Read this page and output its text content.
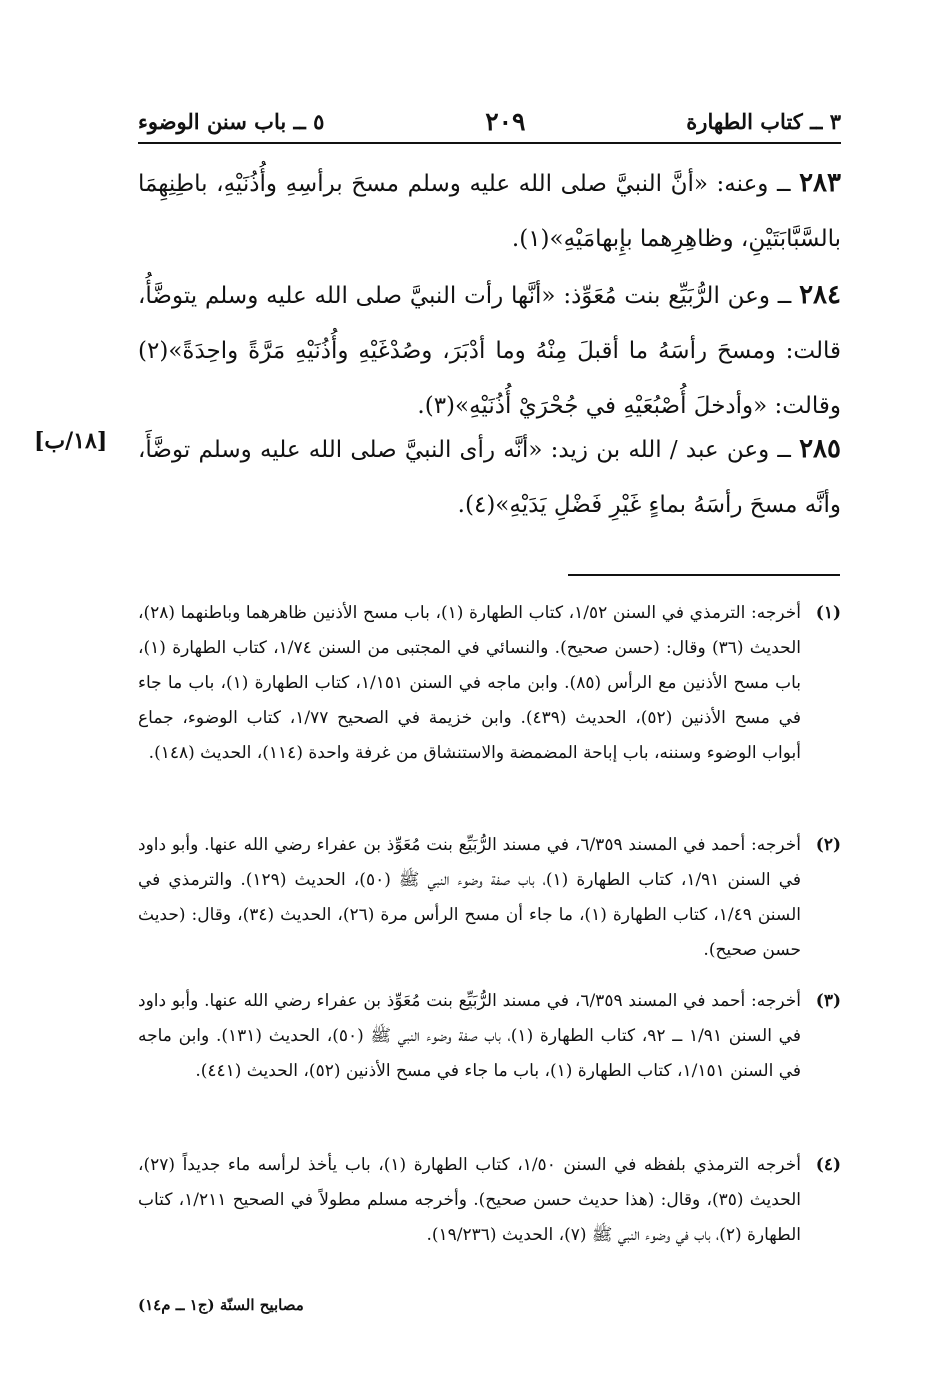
٣ ــ كتاب الطهارة
٢٠٩
٥ ــ باب سنن الوضوء
٢٨٣ ــ وعنه: «أنَّ النبيَّ صلى الله عليه وسلم مسحَ برأسِهِ وأُذُنَيْهِ، باطِنِهِمَا بالسَّبَّابَتَيْنِ، وظاهِرِهما بإِبهامَيْهِ»(١).
٢٨٤ ــ وعن الرُّبَيِّع بنت مُعَوِّذ: «أنَّها رأت النبيَّ صلى الله عليه وسلم يتوضَّأُ، قالت: ومسحَ رأسَهُ ما أقبلَ مِنْهُ وما أدْبَرَ، وصُدْغَيْهِ وأُذُنَيْهِ مَرَّةً واحِدَةً»(٢) وقالت: «وأدخلَ أُصْبُعَيْهِ في جُحْرَيْ أُذُنَيْهِ»(٣).
٢٨٥ ــ وعن عبد / الله بن زيد: «أنَّه رأى النبيَّ صلى الله عليه وسلم توضَّأَ، وأنَّه مسحَ رأسَهُ بماءٍ غَيْرِ فَضْلِ يَدَيْهِ»(٤).
[١٨/ب]
(١)
أخرجه: الترمذي في السنن ١/٥٢، كتاب الطهارة (١)، باب مسح الأذنين ظاهرهما وباطنهما (٢٨)، الحديث (٣٦) وقال: (حسن صحيح). والنسائي في المجتبى من السنن ١/٧٤، كتاب الطهارة (١)، باب مسح الأذنين مع الرأس (٨٥). وابن ماجه في السنن ١/١٥١، كتاب الطهارة (١)، باب ما جاء في مسح الأذنين (٥٢)، الحديث (٤٣٩). وابن خزيمة في الصحيح ١/٧٧، كتاب الوضوء، جماع أبواب الوضوء وسننه، باب إباحة المضمضة والاستنشاق من غرفة واحدة (١١٤)، الحديث (١٤٨).
(٢)
أخرجه: أحمد في المسند ٦/٣٥٩، في مسند الرُّبَيِّع بنت مُعَوِّذ بن عفراء رضي الله عنها. وأبو داود في السنن ١/٩١، كتاب الطهارة (١)، باب صفة وضوء النبي ﷺ (٥٠)، الحديث (١٢٩). والترمذي في السنن ١/٤٩، كتاب الطهارة (١)، ما جاء أن مسح الرأس مرة (٢٦)، الحديث (٣٤)، وقال: (حديث حسن صحيح).
(٣)
أخرجه: أحمد في المسند ٦/٣٥٩، في مسند الرُّبَيِّع بنت مُعَوِّذ بن عفراء رضي الله عنها. وأبو داود في السنن ١/٩١ ــ ٩٢، كتاب الطهارة (١)، باب صفة وضوء النبي ﷺ (٥٠)، الحديث (١٣١). وابن ماجه في السنن ١/١٥١، كتاب الطهارة (١)، باب ما جاء في مسح الأذنين (٥٢)، الحديث (٤٤١).
(٤)
أخرجه الترمذي بلفظه في السنن ١/٥٠، كتاب الطهارة (١)، باب يأخذ لرأسه ماء جديداً (٢٧)، الحديث (٣٥)، وقال: (هذا حديث حسن صحيح). وأخرجه مسلم مطولاً في الصحيح ١/٢١١، كتاب الطهارة (٢)، باب في وضوء النبي ﷺ (٧)، الحديث (١٩/٢٣٦).
مصابيح السنّة (ج١ ــ م١٤)
